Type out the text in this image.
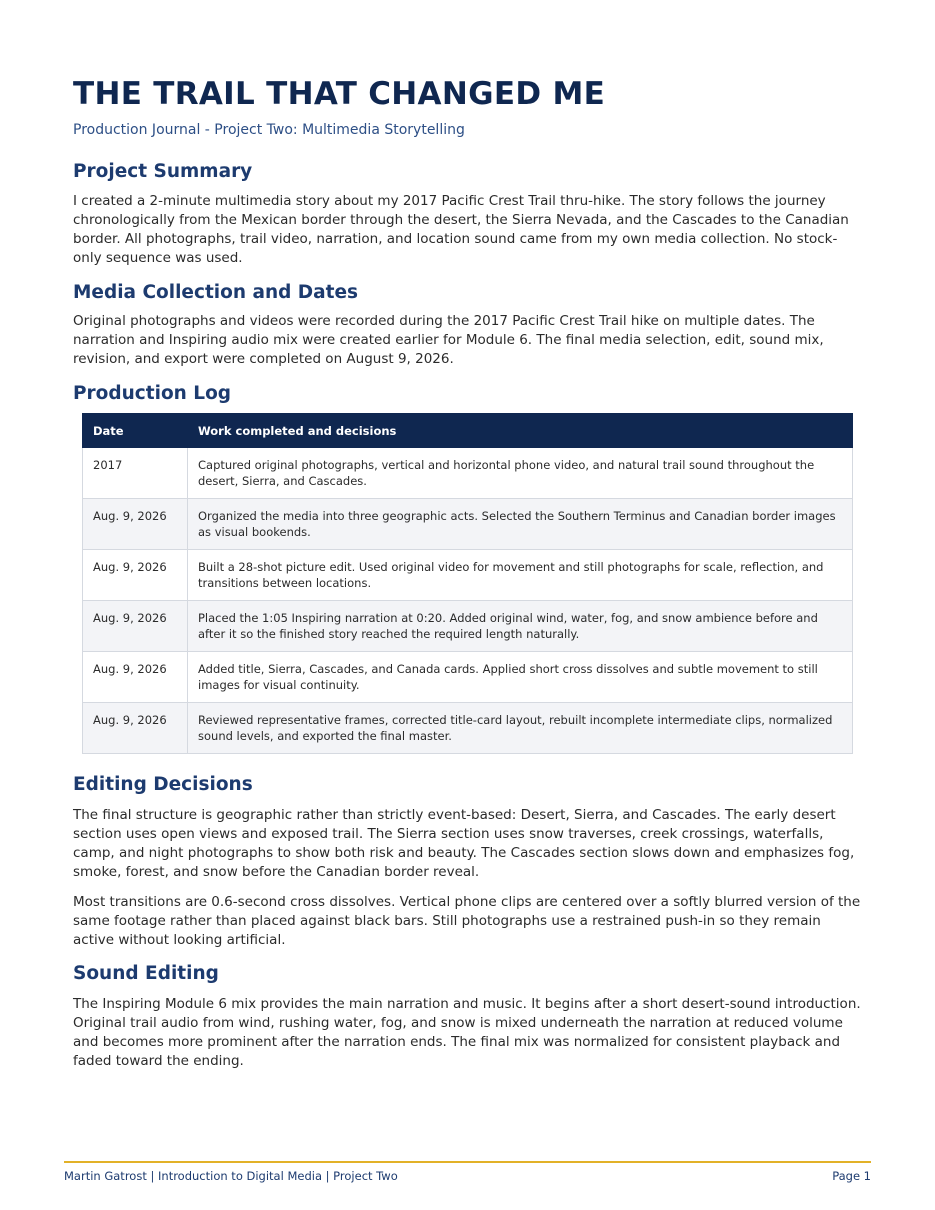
THE TRAIL THAT CHANGED ME

Production Journal - Project Two: Multimedia Storytelling

Project Summary

I created a 2-minute multimedia story about my 2017 Pacific Crest Trail thru-hike. The story follows the journey chronologically from the Mexican border through the desert, the Sierra Nevada, and the Cascades to the Canadian border. All photographs, trail video, narration, and location sound came from my own media collection. No stock-only sequence was used.

Media Collection and Dates

Original photographs and videos were recorded during the 2017 Pacific Crest Trail hike on multiple dates. The narration and Inspiring audio mix were created earlier for Module 6. The final media selection, edit, sound mix, revision, and export were completed on August 9, 2026.

Production Log
Date	Work completed and decisions
2017	Captured original photographs, vertical and horizontal phone video, and natural trail sound throughout the desert, Sierra, and Cascades.
Aug. 9, 2026	Organized the media into three geographic acts. Selected the Southern Terminus and Canadian border images as visual bookends.
Aug. 9, 2026	Built a 28-shot picture edit. Used original video for movement and still photographs for scale, reflection, and transitions between locations.
Aug. 9, 2026	Placed the 1:05 Inspiring narration at 0:20. Added original wind, water, fog, and snow ambience before and after it so the finished story reached the required length naturally.
Aug. 9, 2026	Added title, Sierra, Cascades, and Canada cards. Applied short cross dissolves and subtle movement to still images for visual continuity.
Aug. 9, 2026	Reviewed representative frames, corrected title-card layout, rebuilt incomplete intermediate clips, normalized sound levels, and exported the final master.
Editing Decisions

The final structure is geographic rather than strictly event-based: Desert, Sierra, and Cascades. The early desert section uses open views and exposed trail. The Sierra section uses snow traverses, creek crossings, waterfalls, camp, and night photographs to show both risk and beauty. The Cascades section slows down and emphasizes fog, smoke, forest, and snow before the Canadian border reveal.

Most transitions are 0.6-second cross dissolves. Vertical phone clips are centered over a softly blurred version of the same footage rather than placed against black bars. Still photographs use a restrained push-in so they remain active without looking artificial.

Sound Editing

The Inspiring Module 6 mix provides the main narration and music. It begins after a short desert-sound introduction. Original trail audio from wind, rushing water, fog, and snow is mixed underneath the narration at reduced volume and becomes more prominent after the narration ends. The final mix was normalized for consistent playback and faded toward the ending.

Martin Gatrost | Introduction to Digital Media | Project Two	Page 1
